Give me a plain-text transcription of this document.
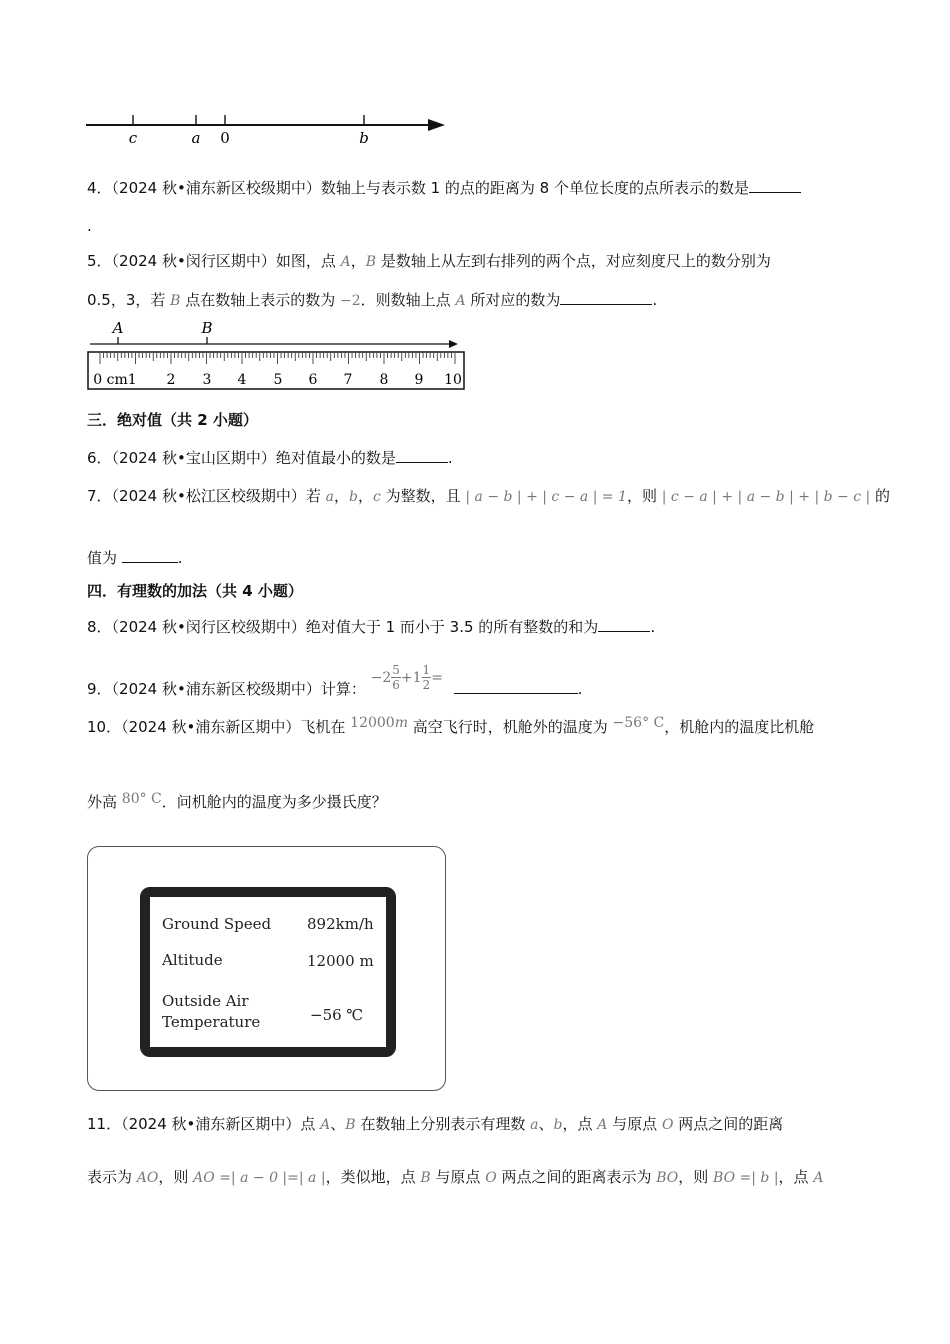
c	a 0	b
4．（2024 秋•浦东新区校级期中）数轴上与表示数 1 的点的距离为 8 个单位长度的点所表示的数是
.
5．（2024 秋•闵行区期中）如图，点 A，B 是数轴上从左到右排列的两个点，对应刻度尺上的数分别为
0.5，3，若 B 点在数轴上表示的数为 −2．则数轴上点 A 所对应的数为	.
A	B
0 cm1 2 3 4 5 6 7 8 9 10
三．绝对值（共 2 小题）
6．（2024 秋•宝山区期中）绝对值最小的数是	.
7．（2024 秋•松江区校级期中）若 a，b，c 为整数，且 | a − b | + | c − a | = 1，则 | c − a | + | a − b | + | b − c | 的
值为	.
四．有理数的加法（共 4 小题）
8．（2024 秋•闵行区校级期中）绝对值大于 1 而小于 3.5 的所有整数的和为	.
9．（2024 秋•浦东新区校级期中）计算： $-2 \frac{5}{6} +1 \frac{1}{2}$ = .
10．（2024 秋•浦东新区期中）飞机在 12000m 高空飞行时，机舱外的温度为 −56° C，机舱内的温度比机舱
外高 80° C．问机舱内的温度为多少摄氏度？
Ground Speed 892km/h
Altitude	12000 m
Outside Air
Temperature	−56 ℃
11．（2024 秋•浦东新区期中）点 A、B 在数轴上分别表示有理数 a、b，点 A 与原点 O 两点之间的距离
表示为 AO，则 AO =| a − 0 |=| a |，类似地，点 B 与原点 O 两点之间的距离表示为 BO，则 BO =| b |，点 A
